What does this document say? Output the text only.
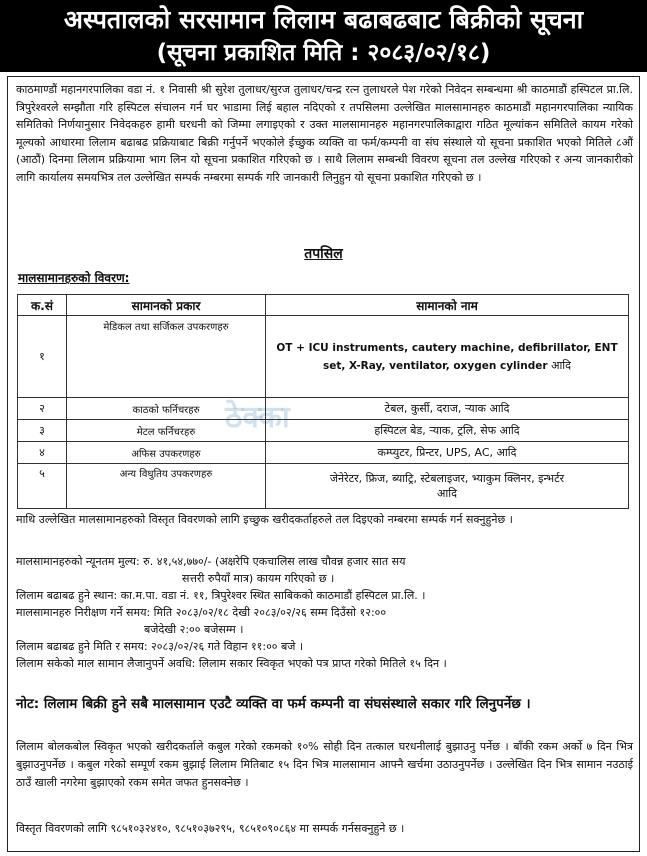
अस्पतालको सरसामान लिलाम बढाबढबाट बिक्रीको सूचना
(सूचना प्रकाशित मिति : २०८३/०२/१८)
काठमाण्डौं महानगरपालिका वडा नं. १ निवासी श्री सुरेश तुलाधर/सुरज तुलाधर/चन्द्र रत्न तुलाधरले पेश गरेको निवेदन सम्बन्धमा श्री काठमाडौं हस्पिटल प्रा.लि. त्रिपुरेश्वरले सम्झौता गरि हस्पिटल संचालन गर्न घर भाडामा लिई बहाल नदिएको र तपसिलमा उल्लेखित मालसामानहरु काठमाडौं महानगरपालिका न्यायिक समितिको निर्णयानुसार निवेदकहरु हामी घरधनी को जिम्मा लगाइएको र उक्त मालसामानहरु महानगरपालिकाद्वारा गठित मूल्यांकन समितिले कायम गरेको मूल्यको आधारमा लिलाम बढाबढ प्रक्रियाबाट बिक्री गर्नुपर्ने भएकोले ईच्छुक व्यक्ति वा फर्म/कम्पनी वा संघ संस्थाले यो सूचना प्रकाशित भएको मितिले ८औं (आठौं) दिनमा लिलाम प्रक्रियामा भाग लिन यो सूचना प्रकाशित गरिएको छ । साथै लिलाम सम्बन्धी विवरण सूचना तल उल्लेख गरिएको र अन्य जानकारीको लागि कार्यालय समयभित्र तल उल्लेखित सम्पर्क नम्बरमा सम्पर्क गरि जानकारी लिनुहुन यो सूचना प्रकाशित गरिएको छ ।
तपसिल
मालसामानहरुको विवरण:
ठेक्का
क.सं	सामानको प्रकार	सामानको नाम
१	मेडिकल तथा सर्जिकल उपकरणहरु	OT + ICU instruments, cautery machine, defibrillator, ENT set, X-Ray, ventilator, oxygen cylinder आदि
२	काठको फर्निचरहरु	टेबल, कुर्सी, दराज, ऱ्याक आदि
३	मेटल फर्निचरहरु	हस्पिटल बेड, ऱ्याक, ट्रलि, सेफ आदि
४	अफिस उपकरणहरु	कम्प्युटर, प्रिन्टर, UPS, AC, आदि
५	अन्य विधुतिय उपकरणहरु	जेनेरेटर, फ्रिज, ब्याट्रि, स्टेबलाइजर, भ्याकुम क्लिनर, इन्भर्टर आदि
माथि उल्लेखित मालसामानहरुको विस्तृत विवरणको लागि इच्छुक खरीदकर्ताहरुले तल दिइएको नम्बरमा सम्पर्क गर्न सक्नुहुनेछ ।
मालसामानहरुको न्यूनतम मुल्य: रु. ४१,५४,७७०/- (अक्षरेपि एकचालिस लाख चौवन्न हजार सात सय
सत्तरी रुपैयाँ मात्र) कायम गरिएको छ ।
लिलाम बढाबढ हुने स्थान: का.म.पा. वडा नं. ११, त्रिपुरेश्वर स्थित साबिकको काठमाडौं हस्पिटल प्रा.लि. ।
मालसामानहरु निरीक्षण गर्ने समय: मिति २०८३/०२/१८ देखी २०८३/०२/२६ सम्म दिउँसो १२:००
बजेदेखी २:०० बजेसम्म ।
लिलाम बढाबढ हुने मिति र समय: २०८३/०२/२६ गते विहान ११:०० बजे ।
लिलाम सकेको माल सामान लैजानुपर्ने अवधि: लिलाम सकार स्विकृत भएको पत्र प्राप्त गरेको मितिले १५ दिन ।
नोट: लिलाम बिक्री हुने सबै मालसामान एउटै व्यक्ति वा फर्म कम्पनी वा संघसंस्थाले सकार गरि लिनुपर्नेछ ।
लिलाम बोलकबोल स्विकृत भएको खरीदकर्ताले कबुल गरेको रकमको १०% सोही दिन तत्काल घरधनीलाई बुझाउनु पर्नेछ । बाँकी रकम अर्को ७ दिन भित्र बुझाउनुपर्नेछ । कबुल गरेको सम्पूर्ण रकम बुझाई लिलाम मितिबाट १५ दिन भित्र मालसामान आफ्नै खर्चमा उठाउनुपर्नेछ । उल्लेखित दिन भित्र सामान नउठाई ठाउँ खाली नगरेमा बुझाएको रकम समेत जफत हुनसक्नेछ ।
विस्तृत विवरणको लागि ९८५१०३२४१०, ९८५१०३७२९५, ९८५१०९०८६४ मा सम्पर्क गर्नसक्नुहुने छ ।
